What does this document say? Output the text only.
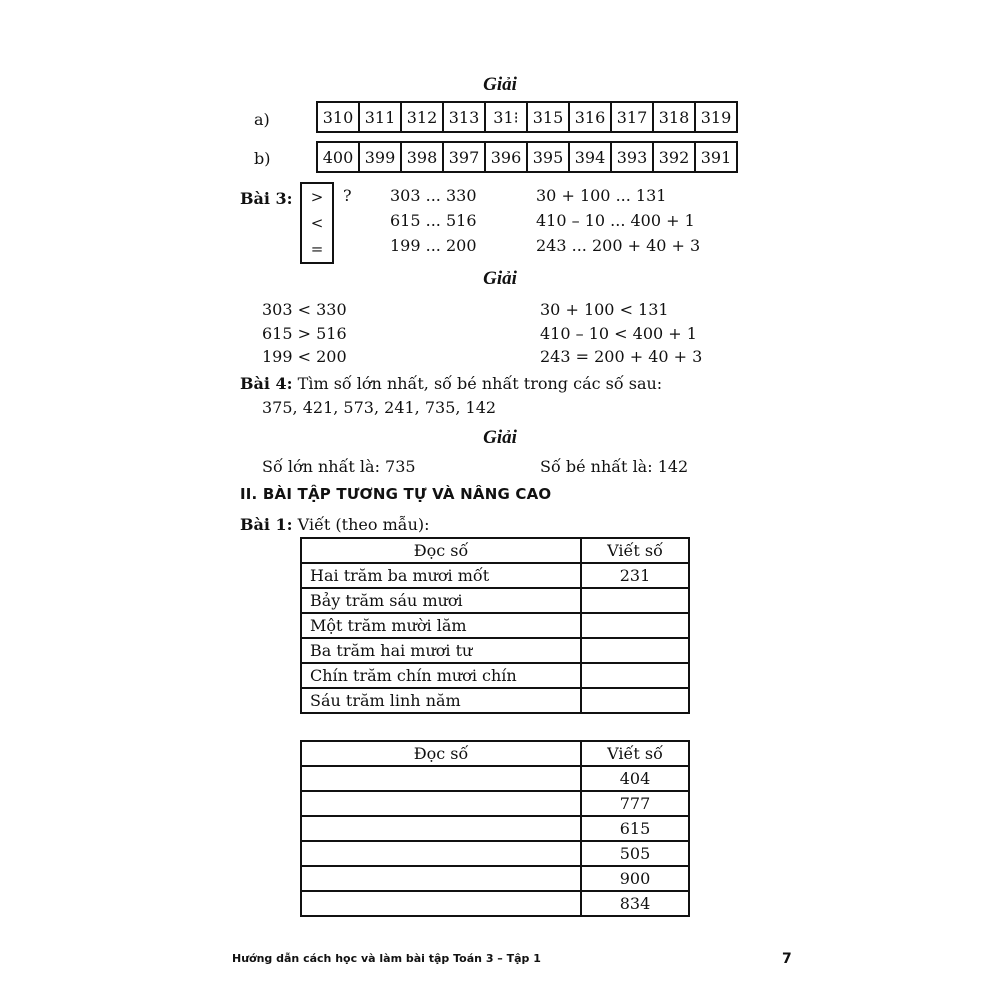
Giải
a)	310	311	312	313	31⁝	315	316	317	318	319
b)	400	399	398	397	396	395	394	393	392	391
Bài 3: >
<
=
? 303 ... 330
615 ... 516
199 ... 200
30 + 100 ... 131
410 – 10 ... 400 + 1
243 ... 200 + 40 + 3
Giải
303 < 330
615 > 516
199 < 200
30 + 100 < 131
410 – 10 < 400 + 1
243 = 200 + 40 + 3
Bài 4: Tìm số lớn nhất, số bé nhất trong các số sau:
375, 421, 573, 241, 735, 142
Giải
Số lớn nhất là: 735	Số bé nhất là: 142
II. BÀI TẬP TƯƠNG TỰ VÀ NÂNG CAO
Bài 1: Viết (theo mẫu):
Đọc số	Viết số
Hai trăm ba mươi mốt	231
Bảy trăm sáu mươi	
Một trăm mười lăm	
Ba trăm hai mươi tư	
Chín trăm chín mươi chín	
Sáu trăm linh năm	
Đọc số	Viết số
	404
	777
	615
	505
	900
	834
Hướng dẫn cách học và làm bài tập Toán 3 – Tập 1	7
